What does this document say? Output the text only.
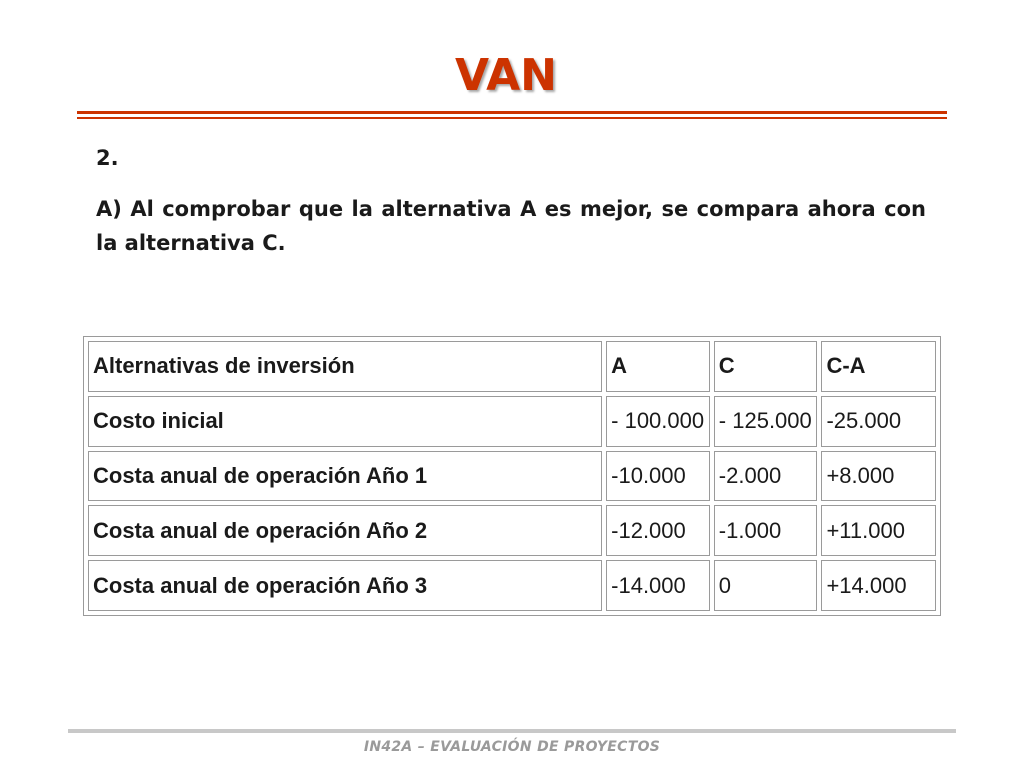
VAN
2.
A) Al comprobar que la alternativa A es mejor, se compara ahora con la alternativa C.
Alternativas de inversión	A	C	C-A
Costo inicial	- 100.000	- 125.000	-25.000
Costa anual de operación Año 1	-10.000	-2.000	+8.000
Costa anual de operación Año 2	-12.000	-1.000	+11.000
Costa anual de operación Año 3	-14.000	0	+14.000
IN42A – EVALUACIÓN DE PROYECTOS
